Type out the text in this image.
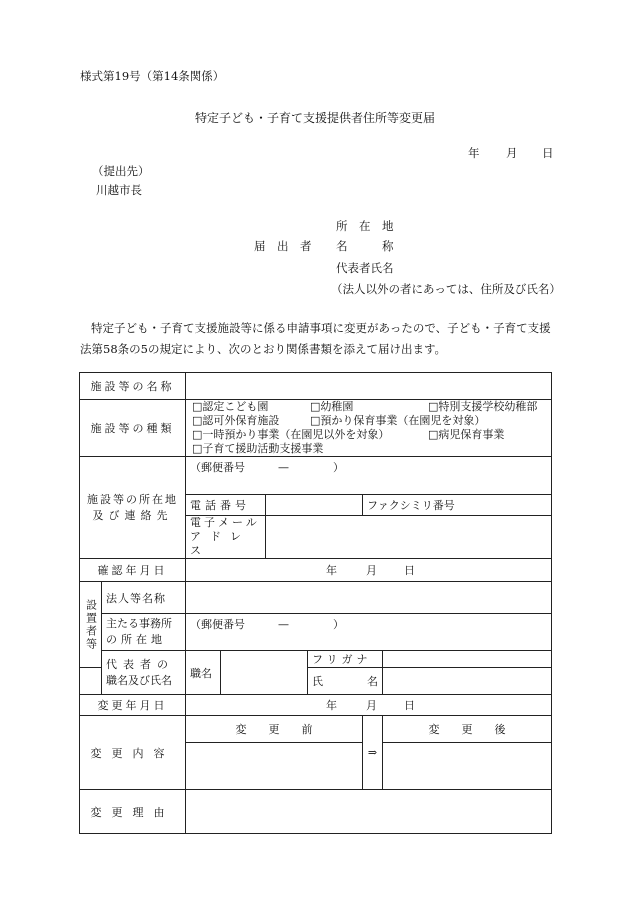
様式第19号（第14条関係）
特定子ども・子育て支援提供者住所等変更届
年 月 日
（提出先）
川越市長
所　在　地
届　出　者 名　　　称
代表者氏名
（法人以外の者にあっては、住所及び氏名）
特定子ども・子育て支援施設等に係る申請事項に変更があったので、子ども・子育て支援法第58条の5の規定により、次のとおり関係書類を添えて届け出ます。
施設等の名称								
施設等の種類		□認定こども園 □幼稚園 □特別支援学校幼稚部
□認可外保育施設 □預かり保育事業（在園児を対象）
□一時預かり事業（在園児以外を対象） □病児保育事業
□子育て援助活動支援事業						

施設等の所在地
及び連絡先		（郵便番号　　　—　　　　）						
		電話番号				ファクシミリ番号		

		電子メール
アドレス						

確認年月日		年 月 日						

設置者等	法人等名称							

	主たる事務所
の所在地	（郵便番号　　　—　　　　）						

	代表者の
職名及び氏名	職名			フリガナ			
					氏　　　　名			
変更年月日		年 月 日						
変更内容		変　　更　　前				⇒	変　　更　　後	

変更理由								
